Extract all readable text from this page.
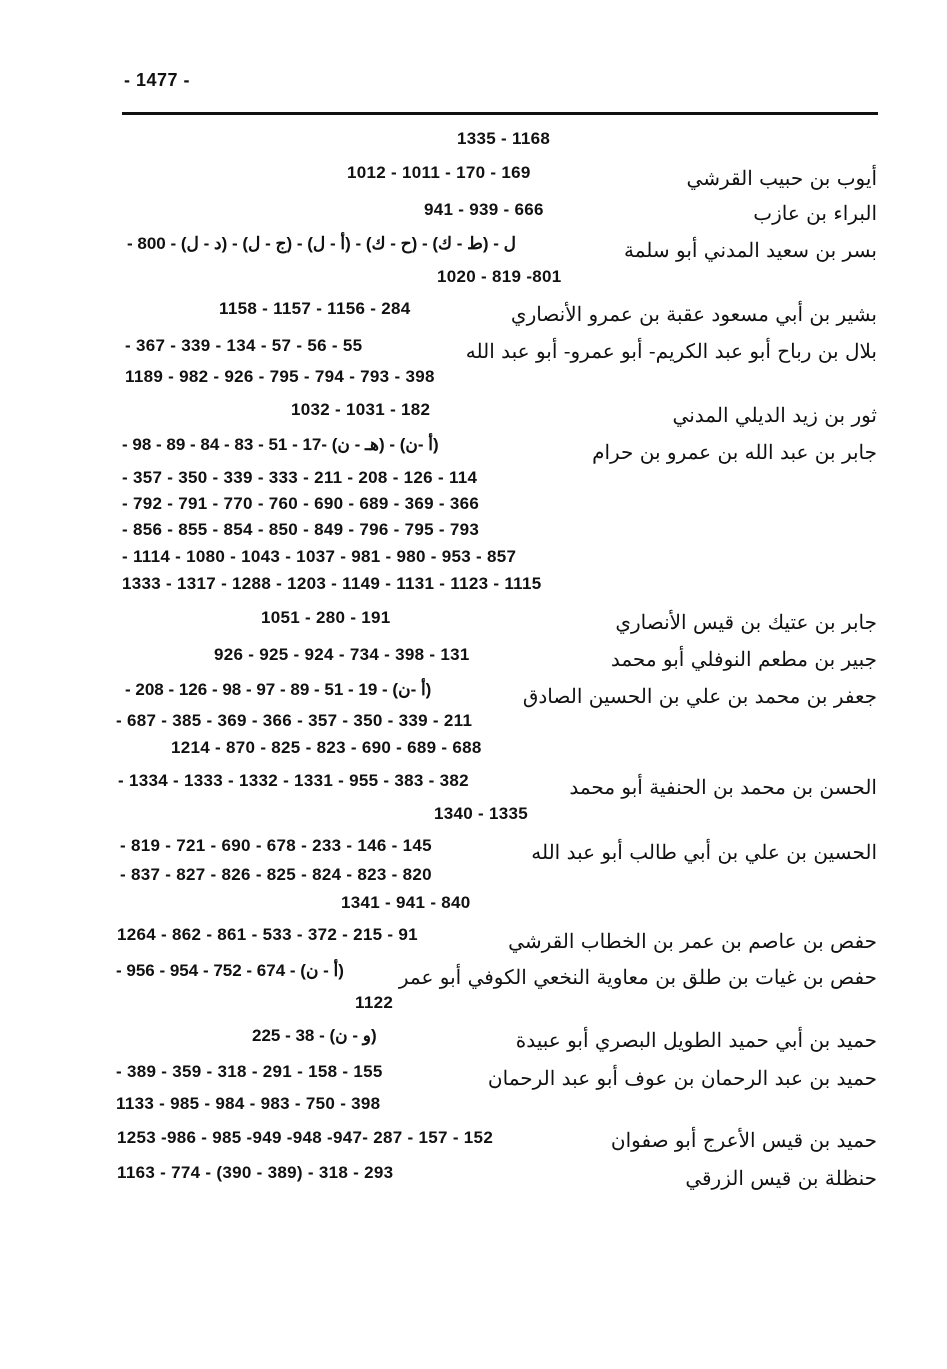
- 1477 -
1335 - 1168
أيوب بن حبيب القرشي
1012 - 1011 - 170 - 169
البراء بن عازب
941 - 939 - 666
بسر بن سعيد المدني أبو سلمة
- 800 - (د - ل) - (ج - ل) - (أ - ل) - ل - (ط - ك) - (ح - ك)
1020 - 819 -801
بشير بن أبي مسعود عقبة بن عمرو الأنصاري
1158 - 1157 - 1156 - 284
بلال بن رباح أبو عبد الكريم- أبو عمرو- أبو عبد الله
- 367 - 339 - 134 - 57 - 56 - 55
1189 - 982 - 926 - 795 - 794 - 793 - 398
ثور بن زيد الديلي المدني
1032 - 1031 - 182
جابر بن عبد الله بن عمرو بن حرام
- 98 - 89 - 84 - 83 - 51 - 17- (هـ - ن) - (أ -ن)
- 357 - 350 - 339 - 333 - 211 - 208 - 126 - 114
- 792 - 791 - 770 - 760 - 690 - 689 - 369 - 366
- 856 - 855 - 854 - 850 - 849 - 796 - 795 - 793
- 1114 - 1080 - 1043 - 1037 - 981 - 980 - 953 - 857
1333 - 1317 - 1288 - 1203 - 1149 - 1131 - 1123 - 1115
جابر بن عتيك بن قيس الأنصاري
1051 - 280 - 191
جبير بن مطعم النوفلي أبو محمد
926 - 925 - 924 - 734 - 398 - 131
جعفر بن محمد بن علي بن الحسين الصادق
- 208 - 126 - 98 - 97 - 89 - 51 - 19 - (أ -ن)
- 687 - 385 - 369 - 366 - 357 - 350 - 339 - 211
1214 - 870 - 825 - 823 - 690 - 689 - 688
الحسن بن محمد بن الحنفية أبو محمد
- 1334 - 1333 - 1332 - 1331 - 955 - 383 - 382
1340 - 1335
الحسين بن علي بن أبي طالب أبو عبد الله
- 819 - 721 - 690 - 678 - 233 - 146 - 145
- 837 - 827 - 826 - 825 - 824 - 823 - 820
1341 - 941 - 840
حفص بن عاصم بن عمر بن الخطاب القرشي
1264 - 862 - 861 - 533 - 372 - 215 - 91
حفص بن غيات بن طلق بن معاوية النخعي الكوفي أبو عمر
- 956 - 954 - 752 - 674 - (أ - ن)
1122
حميد بن أبي حميد الطويل البصري أبو عبيدة
225 - 38 - (و - ن)
حميد بن عبد الرحمان بن عوف أبو عبد الرحمان
- 389 - 359 - 318 - 291 - 158 - 155
1133 - 985 - 984 - 983 - 750 - 398
حميد بن قيس الأعرج أبو صفوان
1253 -986 - 985 -949 -948 -947- 287 - 157 - 152
حنظلة بن قيس الزرقي
1163 - 774 - (390 - 389) - 318 - 293
